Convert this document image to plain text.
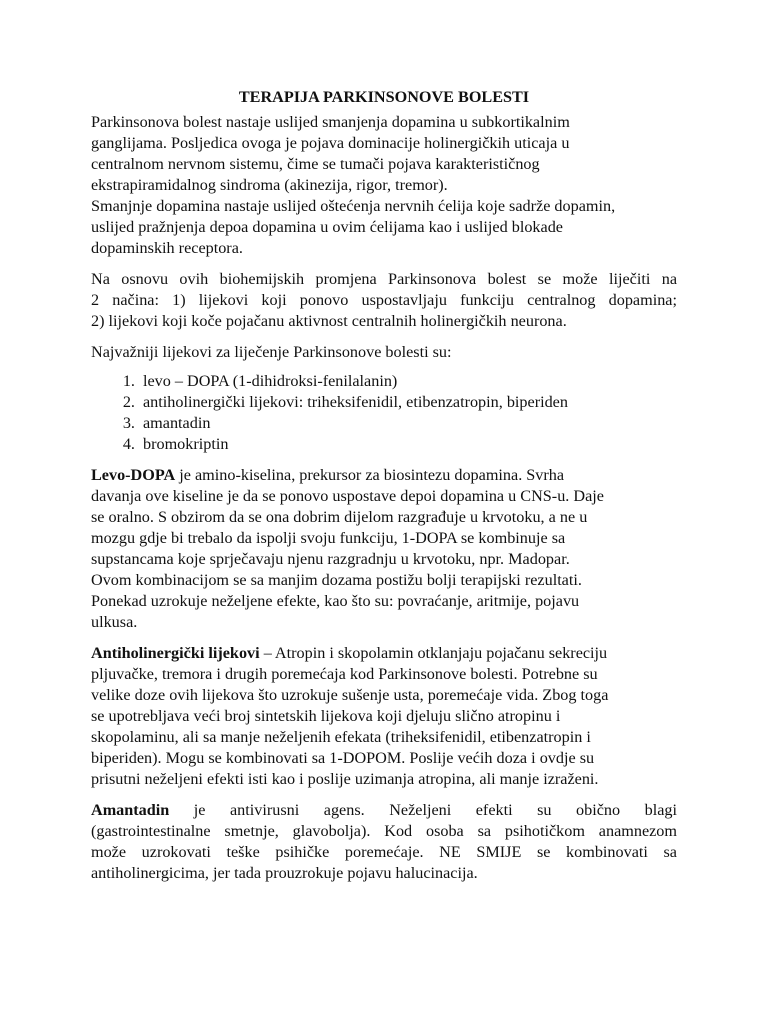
TERAPIJA PARKINSONOVE BOLESTI

Parkinsonova bolest nastaje uslijed smanjenja dopamina u subkortikalnim
ganglijama. Posljedica ovoga je pojava dominacije holinergičkih uticaja u
centralnom nervnom sistemu, čime se tumači pojava karakterističnog
ekstrapiramidalnog sindroma (akinezija, rigor, tremor).
Smanjnje dopamina nastaje uslijed oštećenja nervnih ćelija koje sadrže dopamin,
uslijed pražnjenja depoa dopamina u ovim ćelijama kao i uslijed blokade
dopaminskih receptora.

Na osnovu ovih biohemijskih promjena Parkinsonova bolest se može liječiti na
2 načina: 1) lijekovi koji ponovo uspostavljaju funkciju centralnog dopamina;
2) lijekovi koji koče pojačanu aktivnost centralnih holinergičkih neurona.

Najvažniji lijekovi za liječenje Parkinsonove bolesti su:

1. levo – DOPA (1-dihidroksi-fenilalanin)
2. antiholinergički lijekovi: triheksifenidil, etibenzatropin, biperiden
3. amantadin
4. bromokriptin

Levo-DOPA je amino-kiselina, prekursor za biosintezu dopamina. Svrha
davanja ove kiseline je da se ponovo uspostave depoi dopamina u CNS-u. Daje
se oralno. S obzirom da se ona dobrim dijelom razgrađuje u krvotoku, a ne u
mozgu gdje bi trebalo da ispolji svoju funkciju, 1-DOPA se kombinuje sa
supstancama koje sprječavaju njenu razgradnju u krvotoku, npr. Madopar.
Ovom kombinacijom se sa manjim dozama postižu bolji terapijski rezultati.
Ponekad uzrokuje neželjene efekte, kao što su: povraćanje, aritmije, pojavu
ulkusa.

Antiholinergički lijekovi – Atropin i skopolamin otklanjaju pojačanu sekreciju
pljuvačke, tremora i drugih poremećaja kod Parkinsonove bolesti. Potrebne su
velike doze ovih lijekova što uzrokuje sušenje usta, poremećaje vida. Zbog toga
se upotrebljava veći broj sintetskih lijekova koji djeluju slično atropinu i
skopolaminu, ali sa manje neželjenih efekata (triheksifenidil, etibenzatropin i
biperiden). Mogu se kombinovati sa 1-DOPOM. Poslije većih doza i ovdje su
prisutni neželjeni efekti isti kao i poslije uzimanja atropina, ali manje izraženi.

Amantadin je antivirusni agens. Neželjeni efekti su obično blagi
(gastrointestinalne smetnje, glavobolja). Kod osoba sa psihotičkom anamnezom
može uzrokovati teške psihičke poremećaje. NE SMIJE se kombinovati sa
antiholinergicima, jer tada prouzrokuje pojavu halucinacija.
